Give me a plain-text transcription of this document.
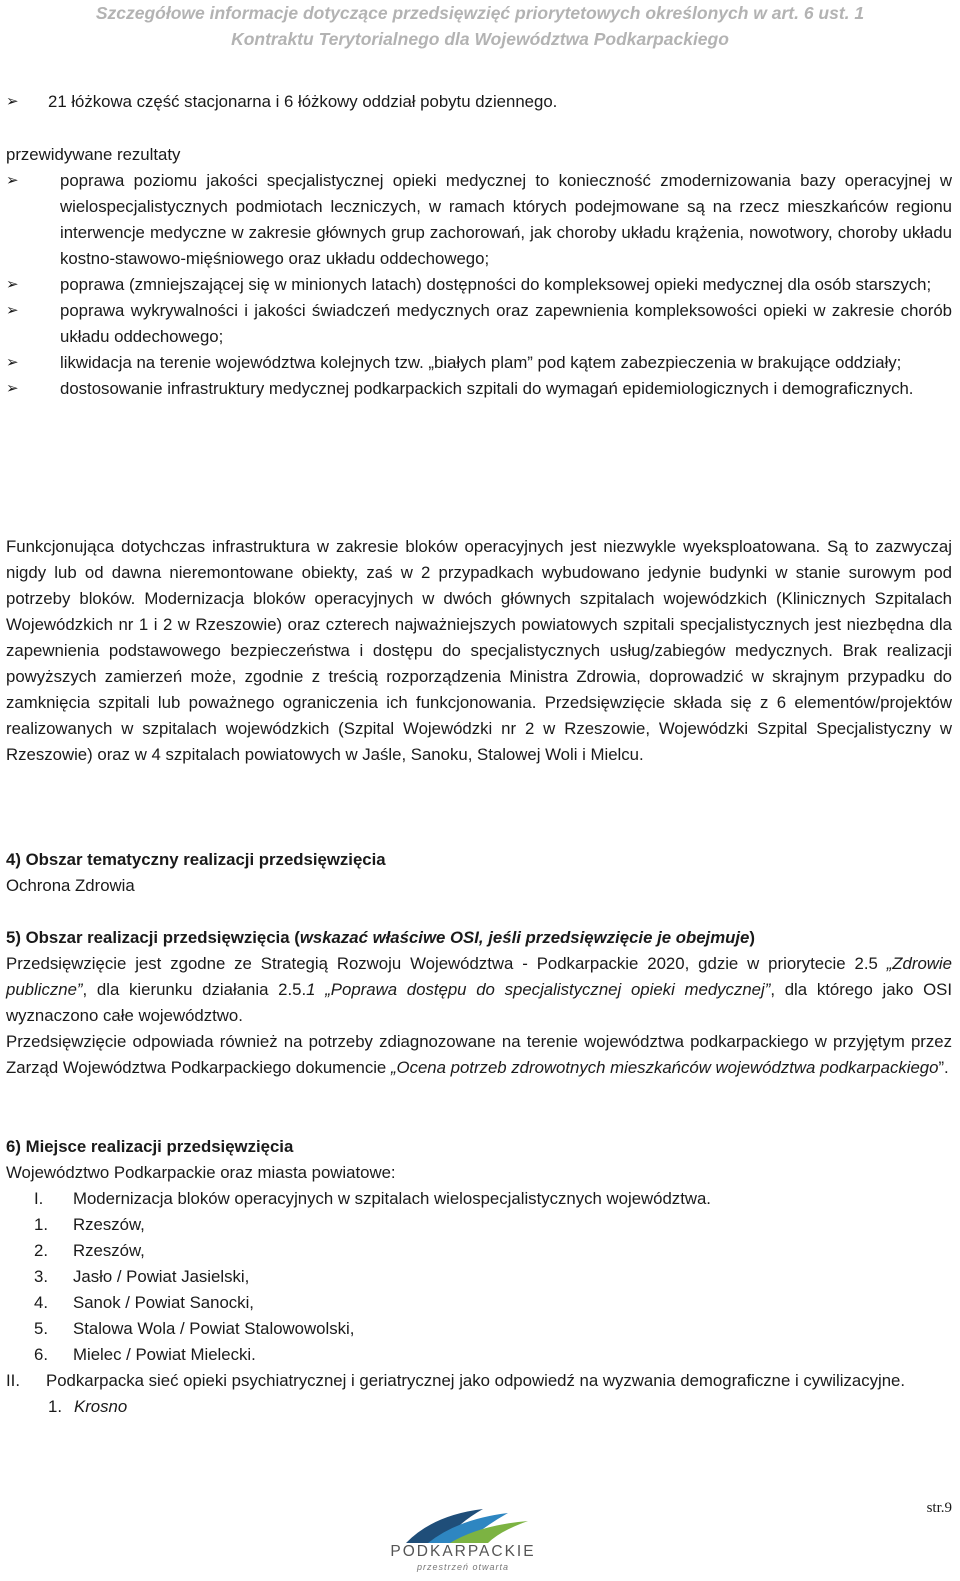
Szczegółowe informacje dotyczące przedsięwzięć priorytetowych określonych w art. 6 ust. 1
Kontraktu Terytorialnego dla Województwa Podkarpackiego
➢	21 łóżkowa część stacjonarna i 6 łóżkowy oddział pobytu dziennego.
przewidywane rezultaty
➢	poprawa poziomu jakości specjalistycznej opieki medycznej to konieczność zmodernizowania bazy operacyjnej w wielospecjalistycznych podmiotach leczniczych, w ramach których podejmowane są na rzecz mieszkańców regionu interwencje medyczne w zakresie głównych grup zachorowań, jak choroby układu krążenia, nowotwory, choroby układu kostno-stawowo-mięśniowego oraz układu oddechowego;
➢	poprawa (zmniejszającej się w minionych latach) dostępności do kompleksowej opieki medycznej dla osób starszych;
➢	poprawa wykrywalności i jakości świadczeń medycznych oraz zapewnienia kompleksowości opieki w zakresie chorób układu oddechowego;
➢	likwidacja na terenie województwa kolejnych tzw. „białych plam” pod kątem zabezpieczenia w brakujące oddziały;
➢	dostosowanie infrastruktury medycznej podkarpackich szpitali do wymagań epidemiologicznych i demograficznych.
Funkcjonująca dotychczas infrastruktura w zakresie bloków operacyjnych jest niezwykle wyeksploatowana. Są to zazwyczaj nigdy lub od dawna nieremontowane obiekty, zaś w 2 przypadkach wybudowano jedynie budynki w stanie surowym pod potrzeby bloków. Modernizacja bloków operacyjnych w dwóch głównych szpitalach wojewódzkich (Klinicznych Szpitalach Wojewódzkich nr 1 i 2 w Rzeszowie) oraz czterech najważniejszych powiatowych szpitali specjalistycznych jest niezbędna dla zapewnienia podstawowego bezpieczeństwa i dostępu do specjalistycznych usług/zabiegów medycznych. Brak realizacji powyższych zamierzeń może, zgodnie z treścią rozporządzenia Ministra Zdrowia, doprowadzić w skrajnym przypadku do zamknięcia szpitali lub poważnego ograniczenia ich funkcjonowania. Przedsięwzięcie składa się z 6 elementów/projektów realizowanych w szpitalach wojewódzkich (Szpital Wojewódzki nr 2 w Rzeszowie, Wojewódzki Szpital Specjalistyczny w Rzeszowie) oraz w 4 szpitalach powiatowych w Jaśle, Sanoku, Stalowej Woli i Mielcu.
4) Obszar tematyczny realizacji przedsięwzięcia
Ochrona Zdrowia
5) Obszar realizacji przedsięwzięcia (wskazać właściwe OSI, jeśli przedsięwzięcie je obejmuje)
Przedsięwzięcie jest zgodne ze Strategią Rozwoju Województwa - Podkarpackie 2020, gdzie w priorytecie 2.5 „Zdrowie publiczne”, dla kierunku działania 2.5.1 „Poprawa dostępu do specjalistycznej opieki medycznej”, dla którego jako OSI wyznaczono całe województwo.
Przedsięwzięcie odpowiada również na potrzeby zdiagnozowane na terenie województwa podkarpackiego w przyjętym przez Zarząd Województwa Podkarpackiego dokumencie „Ocena potrzeb zdrowotnych mieszkańców województwa podkarpackiego”.
6) Miejsce realizacji przedsięwzięcia
Województwo Podkarpackie oraz miasta powiatowe:
I. Modernizacja bloków operacyjnych w szpitalach wielospecjalistycznych województwa.
1. Rzeszów,
2. Rzeszów,
3. Jasło / Powiat Jasielski,
4. Sanok / Powiat Sanocki,
5. Stalowa Wola / Powiat Stalowowolski,
6. Mielec / Powiat Mielecki.
II. Podkarpacka sieć opieki psychiatrycznej i geriatrycznej jako odpowiedź na wyzwania demograficzne i cywilizacyjne.
1. Krosno
str.9
PODKARPACKIE
przestrzeń otwarta
